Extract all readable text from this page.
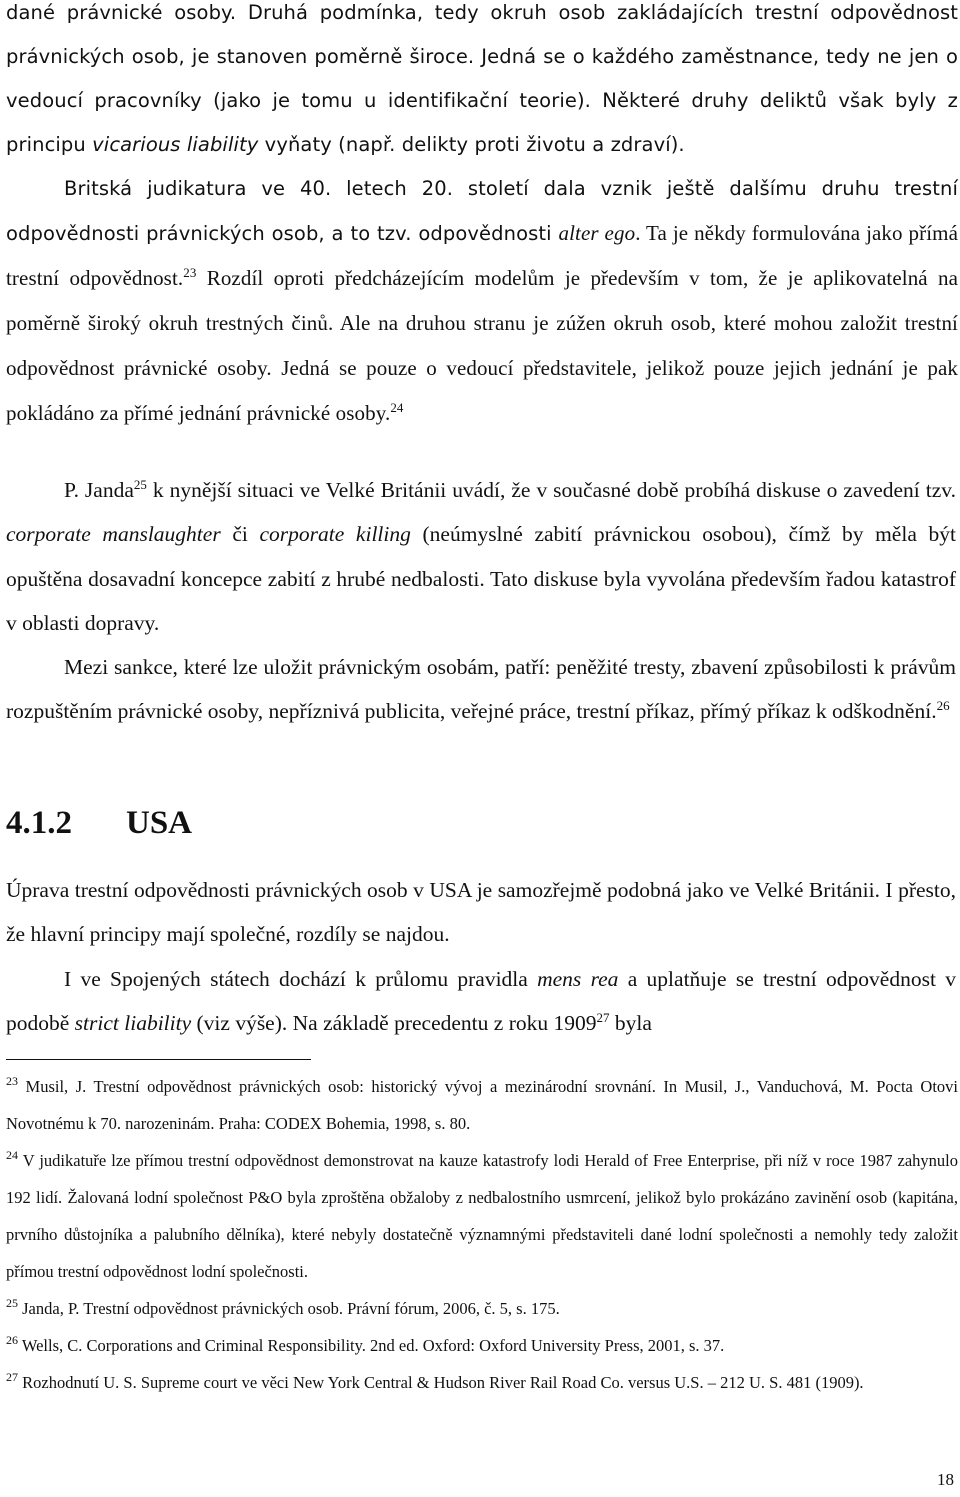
dané právnické osoby. Druhá podmínka, tedy okruh osob zakládajících trestní odpovědnost právnických osob, je stanoven poměrně široce. Jedná se o každého zaměstnance, tedy ne jen o vedoucí pracovníky (jako je tomu u identifikační teorie). Některé druhy deliktů však byly z principu vicarious liability vyňaty (např. delikty proti životu a zdraví).

Britská judikatura ve 40. letech 20. století dala vznik ještě dalšímu druhu trestní odpovědnosti právnických osob, a to tzv. odpovědnosti alter ego. Ta je někdy formulována jako přímá trestní odpovědnost.$^{23}$ Rozdíl oproti předcházejícím modelům je především v tom, že je aplikovatelná na poměrně široký okruh trestných činů. Ale na druhou stranu je zúžen okruh osob, které mohou založit trestní odpovědnost právnické osoby. Jedná se pouze o vedoucí představitele, jelikož pouze jejich jednání je pak pokládáno za přímé jednání právnické osoby.$^{24}$

P. Janda$^{25}$ k nynější situaci ve Velké Británii uvádí, že v současné době probíhá diskuse o zavedení tzv. corporate manslaughter či corporate killing (neúmyslné zabití právnickou osobou), čímž by měla být opuštěna dosavadní koncepce zabití z hrubé nedbalosti. Tato diskuse byla vyvolána především řadou katastrof v oblasti dopravy.

Mezi sankce, které lze uložit právnickým osobám, patří: peněžité tresty, zbavení způsobilosti k právům rozpuštěním právnické osoby, nepříznivá publicita, veřejné práce, trestní příkaz, přímý příkaz k odškodnění.$^{26}$

4.1.2 USA

Úprava trestní odpovědnosti právnických osob v USA je samozřejmě podobná jako ve Velké Británii. I přesto, že hlavní principy mají společné, rozdíly se najdou.

I ve Spojených státech dochází k průlomu pravidla mens rea a uplatňuje se trestní odpovědnost v podobě strict liability (viz výše). Na základě precedentu z roku 1909$^{27}$ byla

$^{23}$ Musil, J. Trestní odpovědnost právnických osob: historický vývoj a mezinárodní srovnání. In Musil, J., Vanduchová, M. Pocta Otovi Novotnému k 70. narozeninám. Praha: CODEX Bohemia, 1998, s. 80.

$^{24}$ V judikatuře lze přímou trestní odpovědnost demonstrovat na kauze katastrofy lodi Herald of Free Enterprise, při níž v roce 1987 zahynulo 192 lidí. Žalovaná lodní společnost P&O byla zproštěna obžaloby z nedbalostního usmrcení, jelikož bylo prokázáno zavinění osob (kapitána, prvního důstojníka a palubního dělníka), které nebyly dostatečně významnými představiteli dané lodní společnosti a nemohly tedy založit přímou trestní odpovědnost lodní společnosti.

$^{25}$ Janda, P. Trestní odpovědnost právnických osob. Právní fórum, 2006, č. 5, s. 175.

$^{26}$ Wells, C. Corporations and Criminal Responsibility. 2nd ed. Oxford: Oxford University Press, 2001, s. 37.

$^{27}$ Rozhodnutí U. S. Supreme court ve věci New York Central & Hudson River Rail Road Co. versus U.S. – 212 U. S. 481 (1909).

18
